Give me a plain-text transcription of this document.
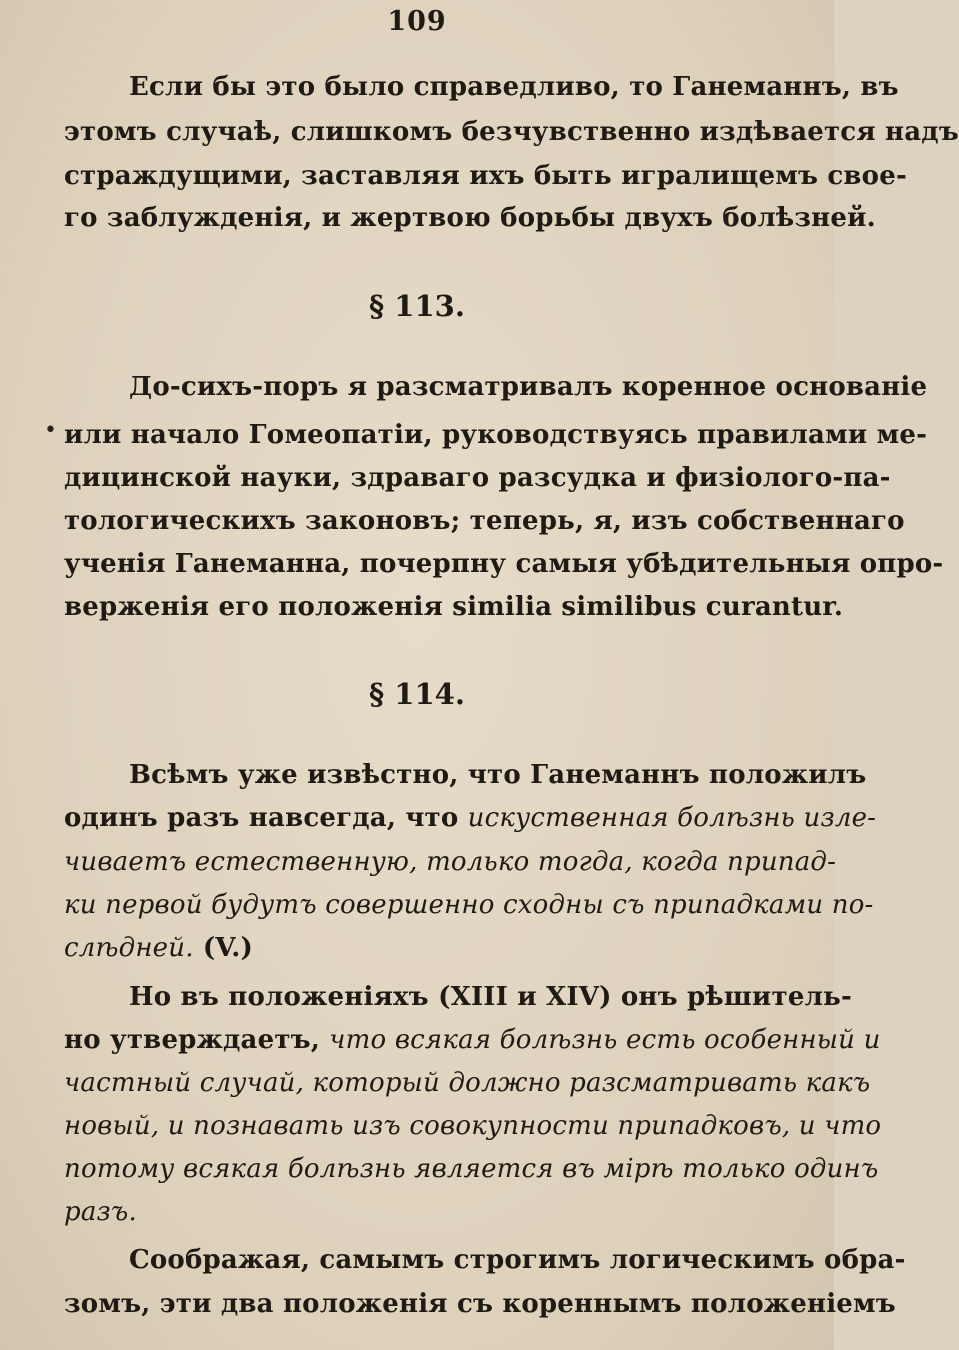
109
Если бы это было справедливо, то Ганеманнъ, въ
этомъ случаѣ, слишкомъ безчувственно издѣвается надъ
страждущими, заставляя ихъ быть игралищемъ свое-
го заблужденія, и жертвою борьбы двухъ болѣзней.
§ 113.
До-сихъ-поръ я разсматривалъ коренное основаніе
• или начало Гомеопатіи, руководствуясь правилами ме-
дицинской науки, здраваго разсудка и физіолого-па-
тологическихъ законовъ; теперь, я, изъ собственнаго
ученія Ганеманна, почерпну самыя убѣдительныя опро-
верженія его положенія similia similibus curantur.
§ 114.
Всѣмъ уже извѣстно, что Ганеманнъ положилъ
одинъ разъ навсегда, что искуственная болѣзнь изле-
чиваетъ естественную, только тогда, когда припад-
ки первой будутъ совершенно сходны съ припадками по-
слѣдней. (V.)
Но въ положеніяхъ (XIII и XIV) онъ рѣшитель-
но утверждаетъ, что всякая болѣзнь есть особенный и
частный случай, который должно разсматривать какъ
новый, и познавать изъ совокупности припадковъ, и что
потому всякая болѣзнь является въ мірѣ только одинъ
разъ.
Соображая, самымъ строгимъ логическимъ обра-
зомъ, эти два положенія съ кореннымъ положеніемъ
